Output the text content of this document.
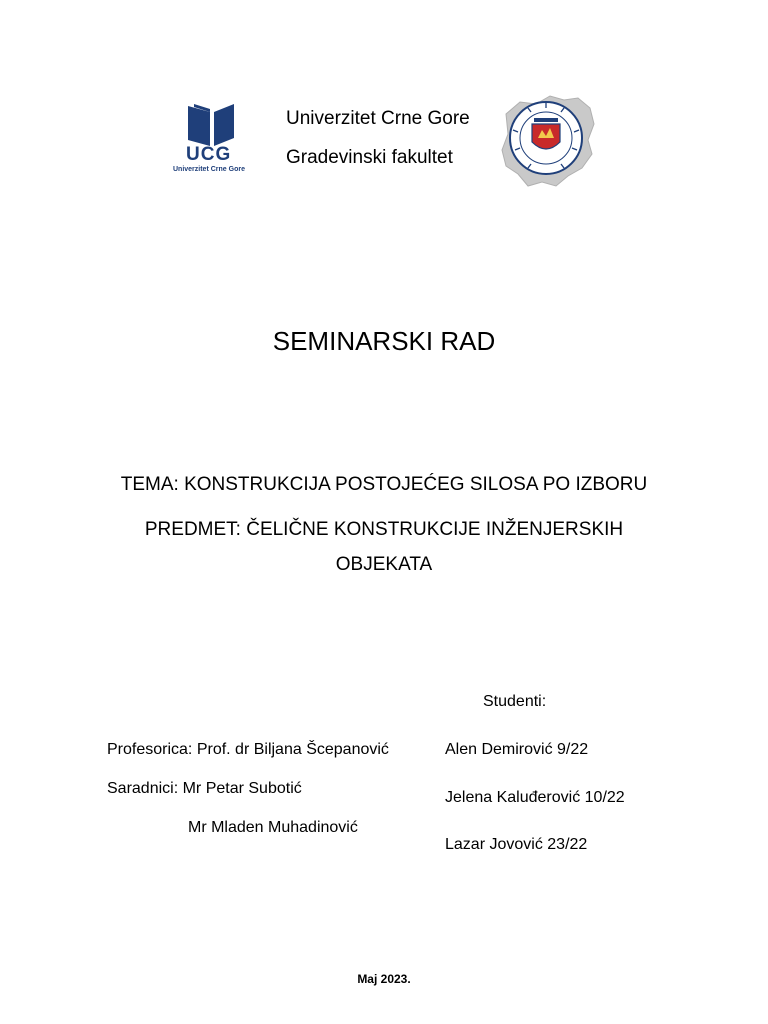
UCG
Univerzitet Crne Gore
Univerzitet Crne Gore
Gradevinski fakultet
SEMINARSKI RAD
TEMA: KONSTRUKCIJA POSTOJEĆEG SILOSA PO IZBORU
PREDMET: ČELIČNE KONSTRUKCIJE INŽENJERSKIH
OBJEKATA
Studenti:
Alen Demirović 9/22
Jelena Kaluđerović 10/22
Lazar Jovović 23/22
Profesorica: Prof. dr Biljana Šcepanović
Saradnici: Mr Petar Subotić
Mr Mladen Muhadinović
Maj 2023.
